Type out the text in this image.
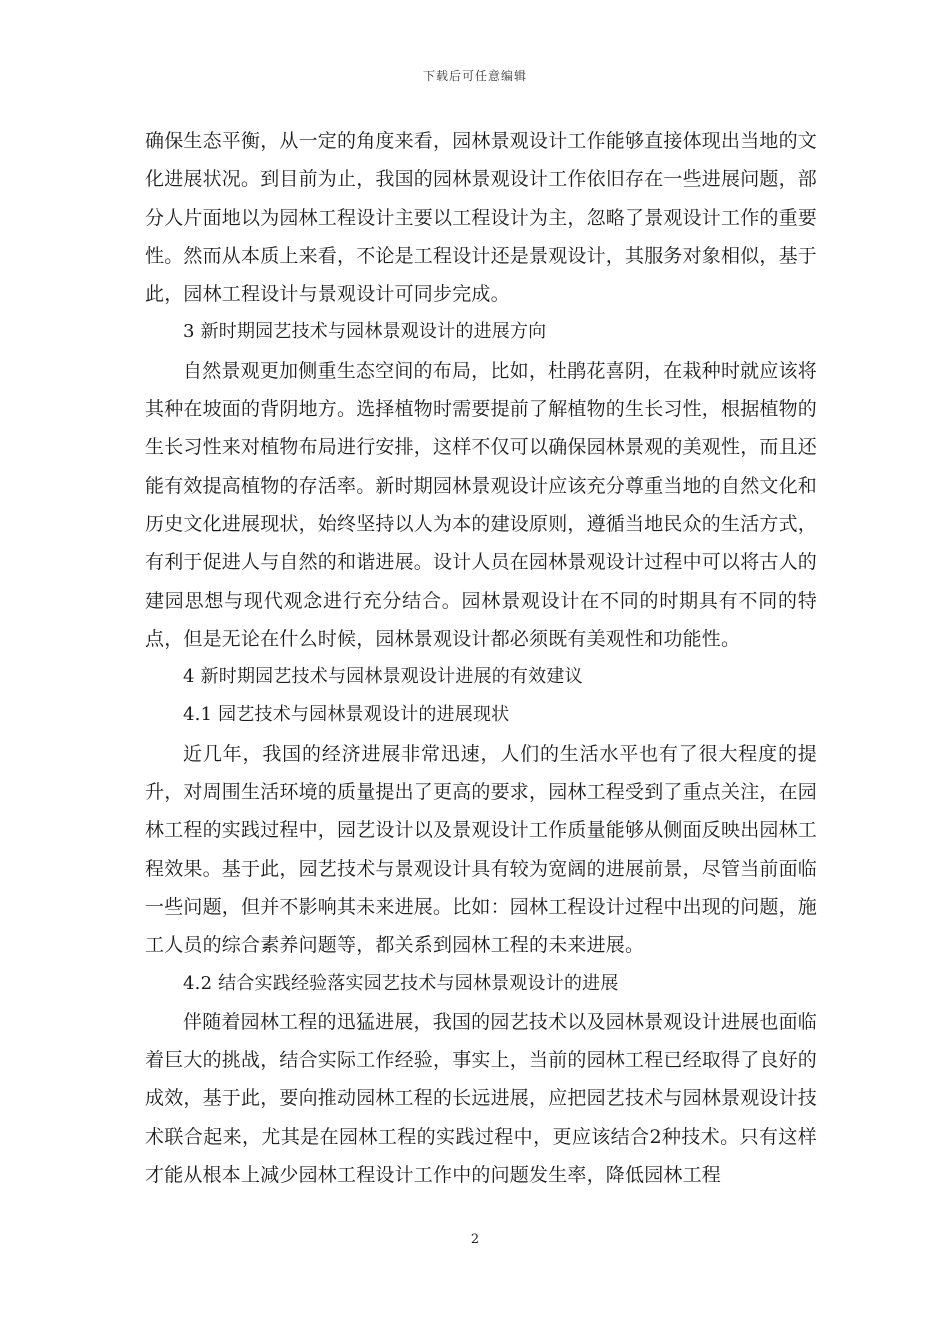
下载后可任意编辑

确保生态平衡，从一定的角度来看，园林景观设计工作能够直接体现出当地的文化进展状况。到目前为止，我国的园林景观设计工作依旧存在一些进展问题，部分人片面地以为园林工程设计主要以工程设计为主，忽略了景观设计工作的重要性。然而从本质上来看，不论是工程设计还是景观设计，其服务对象相似，基于此，园林工程设计与景观设计可同步完成。

3 新时期园艺技术与园林景观设计的进展方向

自然景观更加侧重生态空间的布局，比如，杜鹃花喜阴，在栽种时就应该将其种在坡面的背阴地方。选择植物时需要提前了解植物的生长习性，根据植物的生长习性来对植物布局进行安排，这样不仅可以确保园林景观的美观性，而且还能有效提高植物的存活率。新时期园林景观设计应该充分尊重当地的自然文化和历史文化进展现状，始终坚持以人为本的建设原则，遵循当地民众的生活方式，有利于促进人与自然的和谐进展。设计人员在园林景观设计过程中可以将古人的建园思想与现代观念进行充分结合。园林景观设计在不同的时期具有不同的特点，但是无论在什么时候，园林景观设计都必须既有美观性和功能性。

4 新时期园艺技术与园林景观设计进展的有效建议

4.1 园艺技术与园林景观设计的进展现状

近几年，我国的经济进展非常迅速，人们的生活水平也有了很大程度的提升，对周围生活环境的质量提出了更高的要求，园林工程受到了重点关注，在园林工程的实践过程中，园艺设计以及景观设计工作质量能够从侧面反映出园林工程效果。基于此，园艺技术与景观设计具有较为宽阔的进展前景，尽管当前面临一些问题，但并不影响其未来进展。比如：园林工程设计过程中出现的问题，施工人员的综合素养问题等，都关系到园林工程的未来进展。

4.2 结合实践经验落实园艺技术与园林景观设计的进展

伴随着园林工程的迅猛进展，我国的园艺技术以及园林景观设计进展也面临着巨大的挑战，结合实际工作经验，事实上，当前的园林工程已经取得了良好的成效，基于此，要向推动园林工程的长远进展，应把园艺技术与园林景观设计技术联合起来，尤其是在园林工程的实践过程中，更应该结合2种技术。只有这样才能从根本上减少园林工程设计工作中的问题发生率，降低园林工程

2
